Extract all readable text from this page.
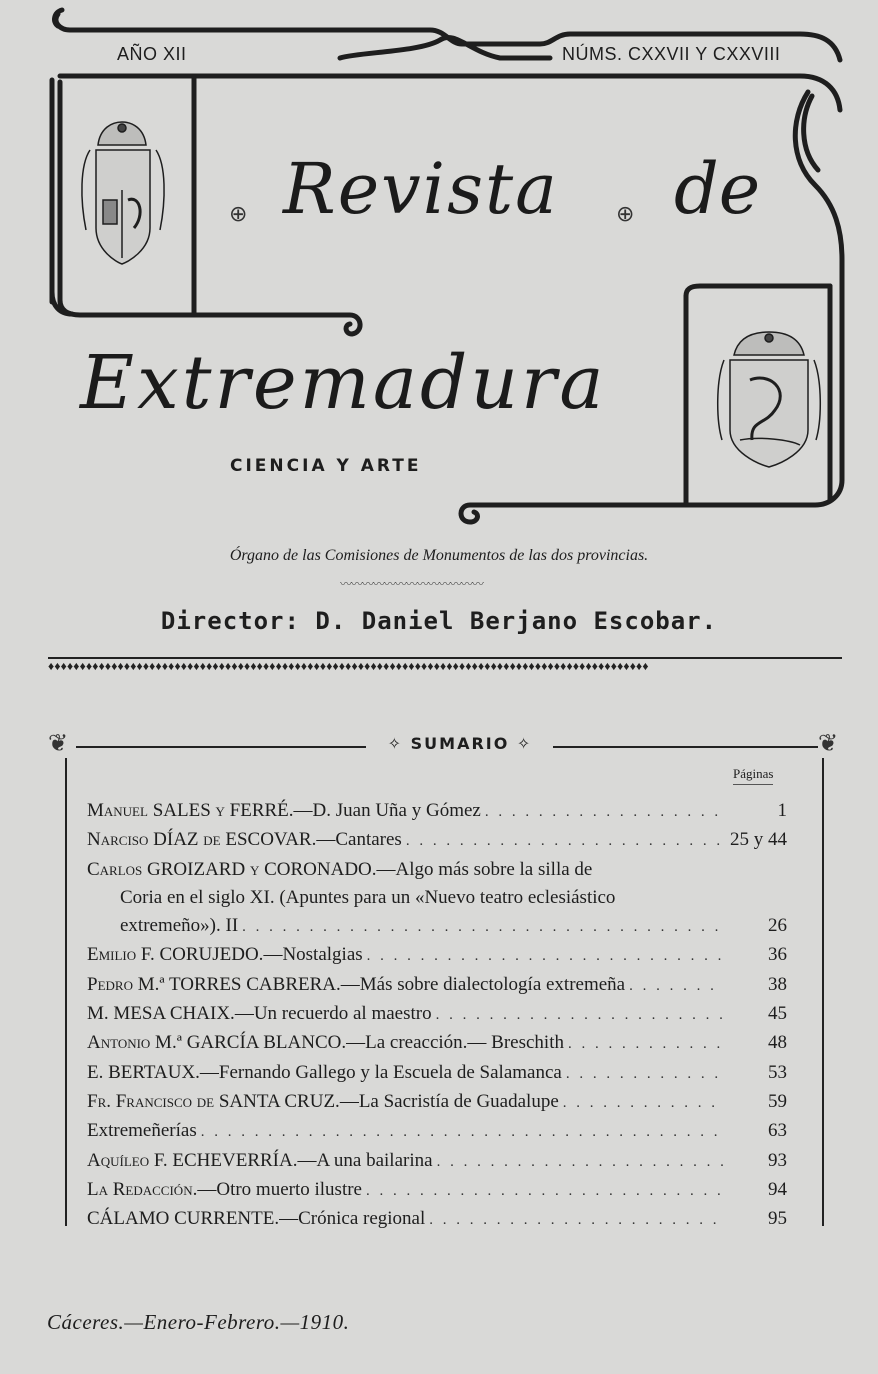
AÑO XII	NÚMS. CXXVII Y CXXVIII
⊕ Revista	⊕ de
Extremadura
CIENCIA Y ARTE
Órgano de las Comisiones de Monumentos de las dos provincias.
〰〰〰〰〰〰〰〰〰〰〰〰〰
Director: D. Daniel Berjano Escobar.
♦♦♦♦♦♦♦♦♦♦♦♦♦♦♦♦♦♦♦♦♦♦♦♦♦♦♦♦♦♦♦♦♦♦♦♦♦♦♦♦♦♦♦♦♦♦♦♦♦♦♦♦♦♦♦♦♦♦♦♦♦♦♦♦♦♦♦♦♦♦♦♦♦♦♦♦♦♦♦♦♦♦♦♦♦♦♦♦♦♦♦♦♦♦♦
❦	✧ SUMARIO ✧	❦
Páginas
Manuel SALES y FERRÉ.—D. Juan Uña y Gómez . . .	1
Narciso DÍAZ de ESCOVAR.—Cantares . . .	25 y 44
Carlos GROIZARD y CORONADO.—Algo más sobre la silla de
Coria en el siglo XI. (Apuntes para un «Nuevo teatro eclesiástico
extremeño»). II . . .	26
Emilio F. CORUJEDO.—Nostalgias . . .	36
Pedro M.ª TORRES CABRERA.—Más sobre dialectología extremeña . . .	38
M. MESA CHAIX.—Un recuerdo al maestro . . .	45
Antonio M.ª GARCÍA BLANCO.—La creacción.— Breschith . . .	48
E. BERTAUX.—Fernando Gallego y la Escuela de Salamanca . . .	53
Fr. Francisco de SANTA CRUZ.—La Sacristía de Guadalupe . . .	59
Extremeñerías . . .	63
Aquíleo F. ECHEVERRÍA.—A una bailarina . . .	93
La Redacción.—Otro muerto ilustre . . .	94
CÁLAMO CURRENTE.—Crónica regional . . .	95
Cáceres.—Enero-Febrero.—1910.
